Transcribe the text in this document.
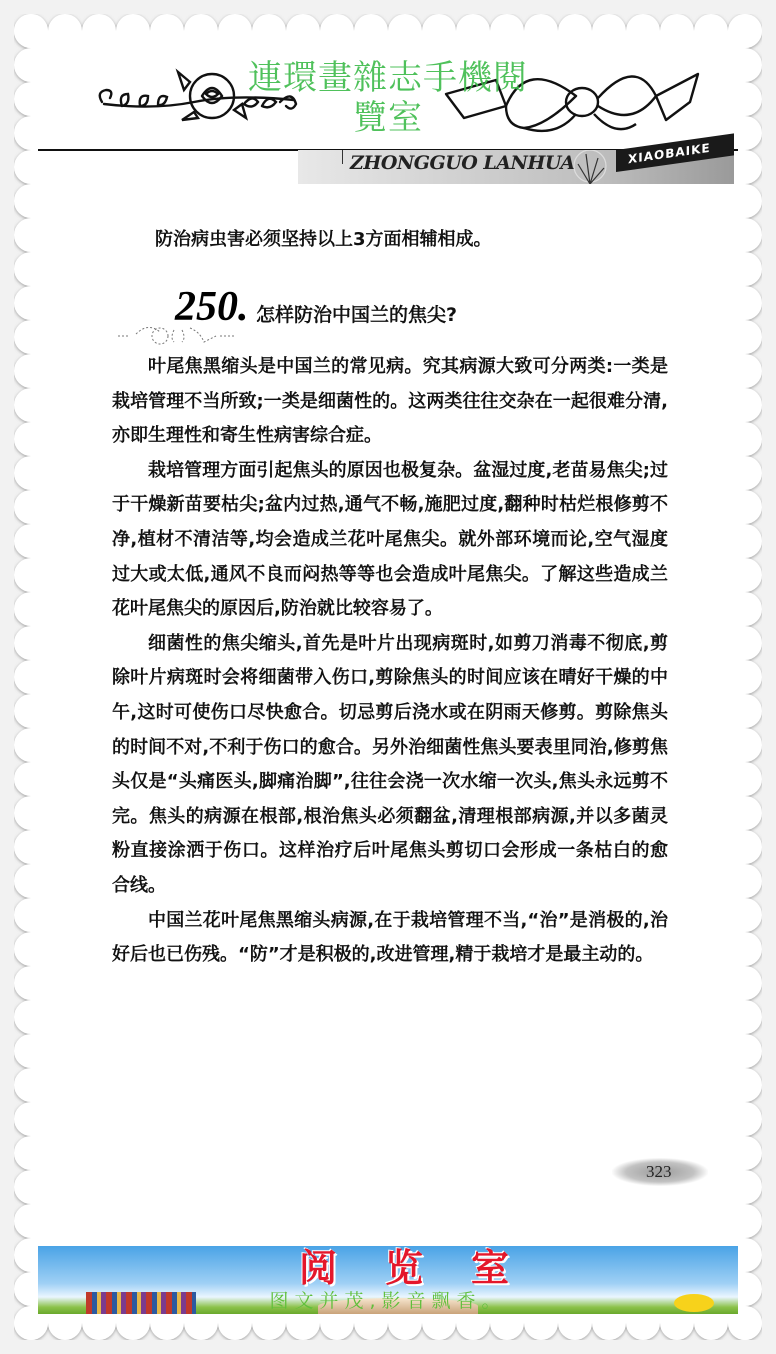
連環畫雜志手機閱
覽室
ZHONGGUO LANHUA	XIAOBAIKE
防治病虫害必须坚持以上3方面相辅相成。
250. 怎样防治中国兰的焦尖?

叶尾焦黑缩头是中国兰的常见病。究其病源大致可分两类:一类是栽培管理不当所致;一类是细菌性的。这两类往往交杂在一起很难分清,亦即生理性和寄生性病害综合症。

栽培管理方面引起焦头的原因也极复杂。盆湿过度,老苗易焦尖;过于干燥新苗要枯尖;盆内过热,通气不畅,施肥过度,翻种时枯烂根修剪不净,植材不清洁等,均会造成兰花叶尾焦尖。就外部环境而论,空气湿度过大或太低,通风不良而闷热等等也会造成叶尾焦尖。了解这些造成兰花叶尾焦尖的原因后,防治就比较容易了。

细菌性的焦尖缩头,首先是叶片出现病斑时,如剪刀消毒不彻底,剪除叶片病斑时会将细菌带入伤口,剪除焦头的时间应该在晴好干燥的中午,这时可使伤口尽快愈合。切忌剪后浇水或在阴雨天修剪。剪除焦头的时间不对,不利于伤口的愈合。另外治细菌性焦头要表里同治,修剪焦头仅是“头痛医头,脚痛治脚”,往往会浇一次水缩一次头,焦头永远剪不完。焦头的病源在根部,根治焦头必须翻盆,清理根部病源,并以多菌灵粉直接涂洒于伤口。这样治疗后叶尾焦头剪切口会形成一条枯白的愈合线。

中国兰花叶尾焦黑缩头病源,在于栽培管理不当,“治”是消极的,治好后也已伤残。“防”才是积极的,改进管理,精于栽培才是最主动的。

323
阅览室
图文并茂,影音飘香。
